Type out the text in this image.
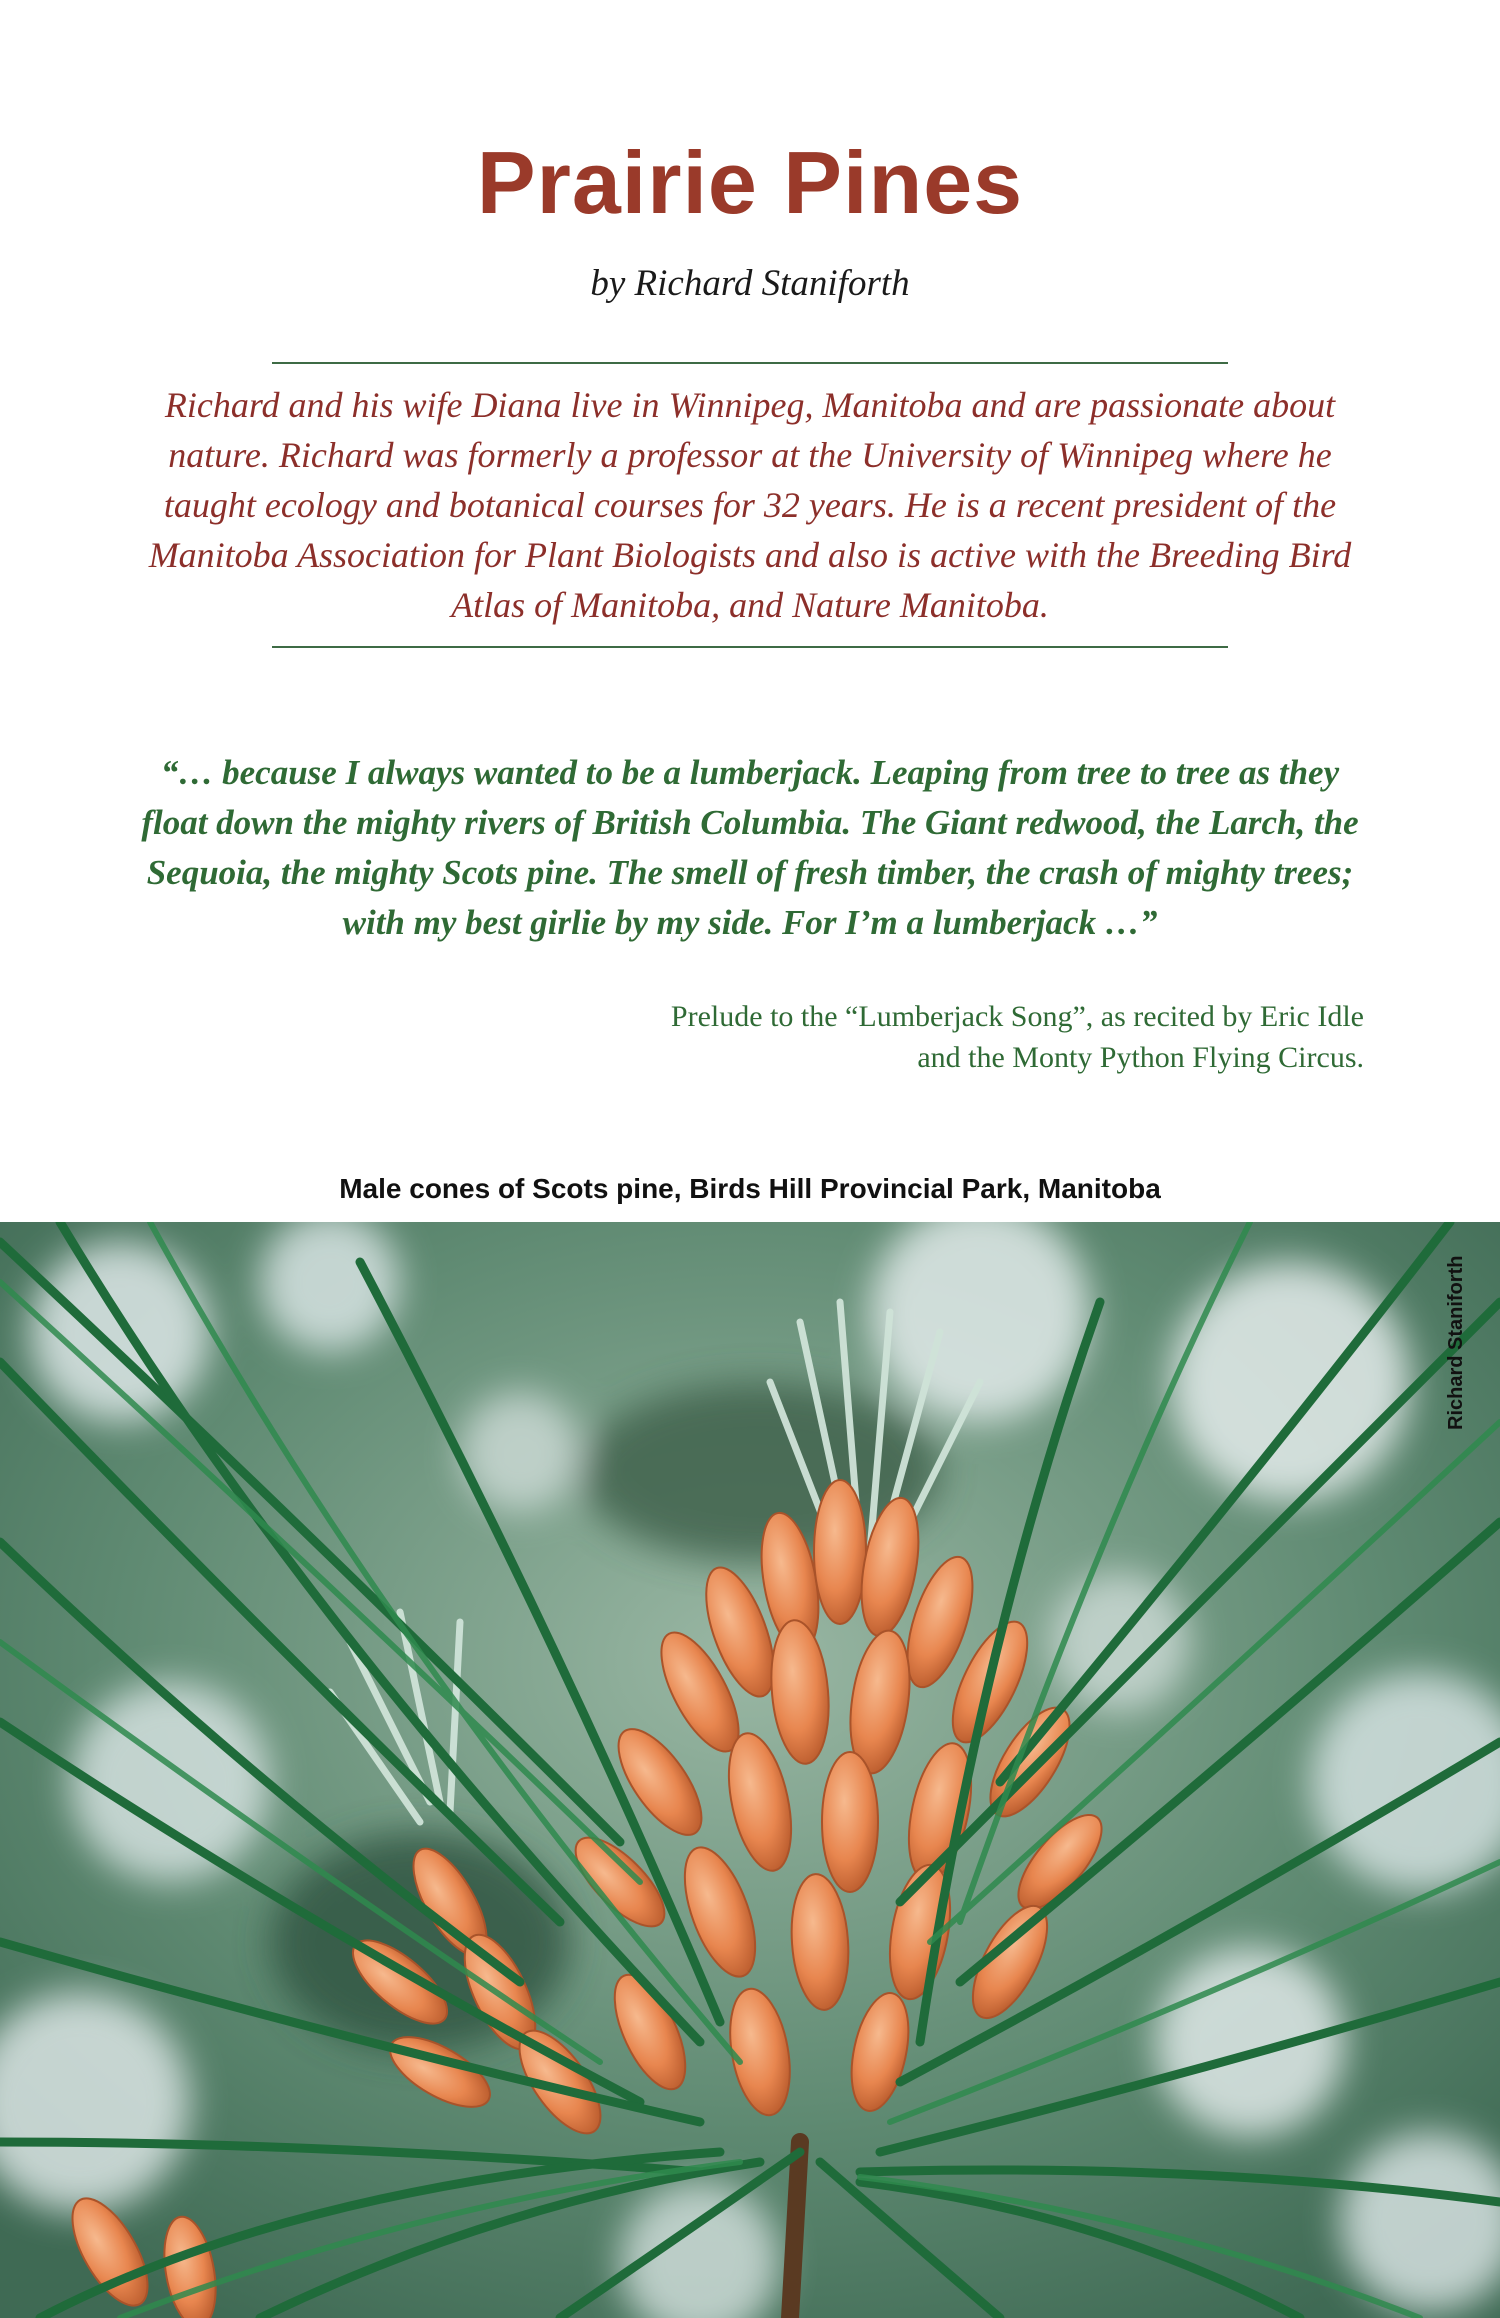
Prairie Pines
by Richard Staniforth
Richard and his wife Diana live in Winnipeg, Manitoba and are passionate about nature. Richard was formerly a professor at the University of Winnipeg where he taught ecology and botanical courses for 32 years. He is a recent president of the Manitoba Association for Plant Biologists and also is active with the Breeding Bird Atlas of Manitoba, and Nature Manitoba.
“… because I always wanted to be a lumberjack. Leaping from tree to tree as they float down the mighty rivers of British Columbia. The Giant redwood, the Larch, the Sequoia, the mighty Scots pine. The smell of fresh timber, the crash of mighty trees; with my best girlie by my side. For I’m a lumberjack …”
Prelude to the “Lumberjack Song”, as recited by Eric Idle
and the Monty Python Flying Circus.
Male cones of Scots pine, Birds Hill Provincial Park, Manitoba
Richard Staniforth
